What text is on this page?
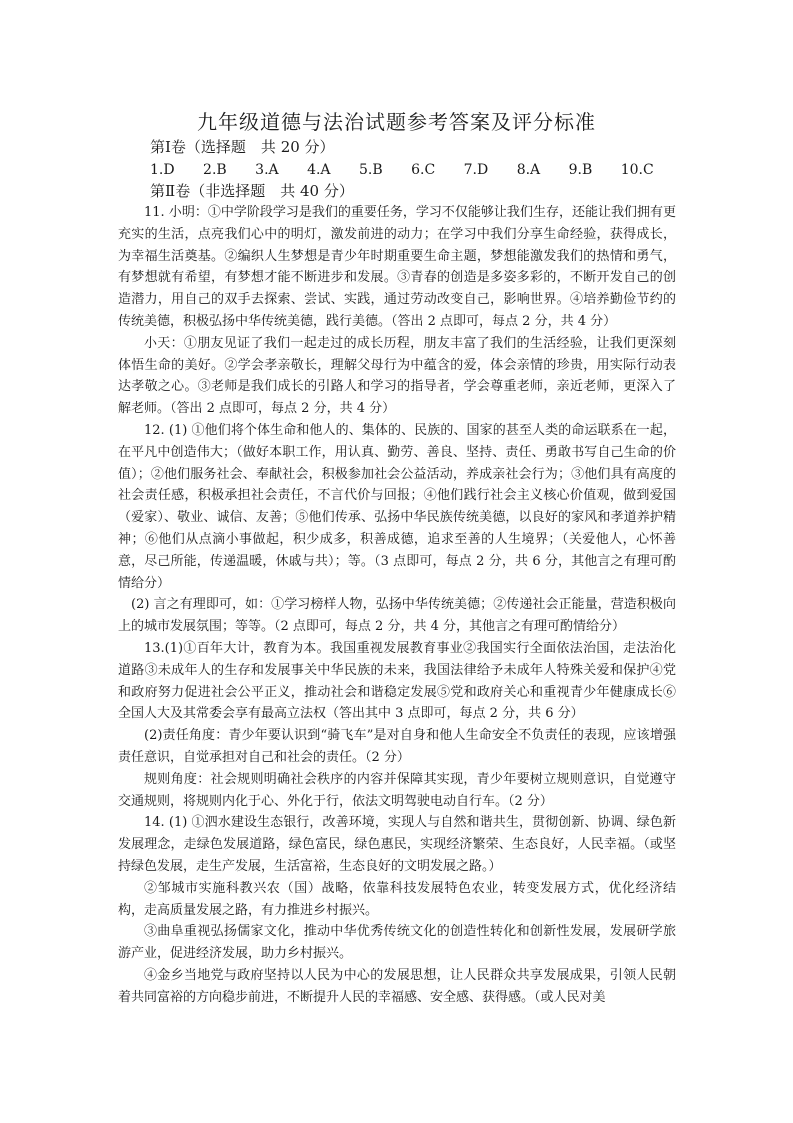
九年级道德与法治试题参考答案及评分标准
第Ⅰ卷（选择题　共 20 分）
1.D 2.B 3.A 4.A 5.B 6.C 7.D 8.A 9.B 10.C
第Ⅱ卷（非选择题　共 40 分）

11. 小明：①中学阶段学习是我们的重要任务，学习不仅能够让我们生存，还能让我们拥有更充实的生活，点亮我们心中的明灯，激发前进的动力；在学习中我们分享生命经验，获得成长，为幸福生活奠基。②编织人生梦想是青少年时期重要生命主题，梦想能激发我们的热情和勇气，有梦想就有希望，有梦想才能不断进步和发展。③青春的创造是多姿多彩的，不断开发自己的创造潜力，用自己的双手去探索、尝试、实践，通过劳动改变自己，影响世界。④培养勤俭节约的传统美德，积极弘扬中华传统美德，践行美德。（答出 2 点即可，每点 2 分，共 4 分）

小天：①朋友见证了我们一起走过的成长历程，朋友丰富了我们的生活经验，让我们更深刻体悟生命的美好。②学会孝亲敬长，理解父母行为中蕴含的爱，体会亲情的珍贵，用实际行动表达孝敬之心。③老师是我们成长的引路人和学习的指导者，学会尊重老师，亲近老师，更深入了解老师。（答出 2 点即可，每点 2 分，共 4 分）

12. (1) ①他们将个体生命和他人的、集体的、民族的、国家的甚至人类的命运联系在一起，在平凡中创造伟大；（做好本职工作，用认真、勤劳、善良、坚持、责任、勇敢书写自己生命的价值）；②他们服务社会、奉献社会，积极参加社会公益活动，养成亲社会行为；③他们具有高度的社会责任感，积极承担社会责任，不言代价与回报；④他们践行社会主义核心价值观，做到爱国（爱家）、敬业、诚信、友善；⑤他们传承、弘扬中华民族传统美德，以良好的家风和孝道养护精神；⑥他们从点滴小事做起，积少成多，积善成德，追求至善的人生境界；（关爱他人，心怀善意，尽己所能，传递温暖，休戚与共）；等。（3 点即可，每点 2 分，共 6 分，其他言之有理可酌情给分）

(2) 言之有理即可，如：①学习榜样人物，弘扬中华传统美德；②传递社会正能量，营造积极向上的城市发展氛围；等等。（2 点即可，每点 2 分，共 4 分，其他言之有理可酌情给分）

13.(1)①百年大计，教育为本。我国重视发展教育事业②我国实行全面依法治国，走法治化道路③未成年人的生存和发展事关中华民族的未来，我国法律给予未成年人特殊关爱和保护④党和政府努力促进社会公平正义，推动社会和谐稳定发展⑤党和政府关心和重视青少年健康成长⑥全国人大及其常委会享有最高立法权（答出其中 3 点即可，每点 2 分，共 6 分）

(2)责任角度：青少年要认识到“骑飞车”是对自身和他人生命安全不负责任的表现，应该增强责任意识，自觉承担对自己和社会的责任。（2 分）

规则角度：社会规则明确社会秩序的内容并保障其实现，青少年要树立规则意识，自觉遵守交通规则，将规则内化于心、外化于行，依法文明驾驶电动自行车。（2 分）

14. (1) ①泗水建设生态银行，改善环境，实现人与自然和谐共生，贯彻创新、协调、绿色新发展理念，走绿色发展道路，绿色富民，绿色惠民，实现经济繁荣、生态良好，人民幸福。（或坚持绿色发展，走生产发展，生活富裕，生态良好的文明发展之路。）

②邹城市实施科教兴农（国）战略，依靠科技发展特色农业，转变发展方式，优化经济结构，走高质量发展之路，有力推进乡村振兴。

③曲阜重视弘扬儒家文化，推动中华优秀传统文化的创造性转化和创新性发展，发展研学旅游产业，促进经济发展，助力乡村振兴。

④金乡当地党与政府坚持以人民为中心的发展思想，让人民群众共享发展成果，引领人民朝着共同富裕的方向稳步前进，不断提升人民的幸福感、安全感、获得感。（或人民对美
